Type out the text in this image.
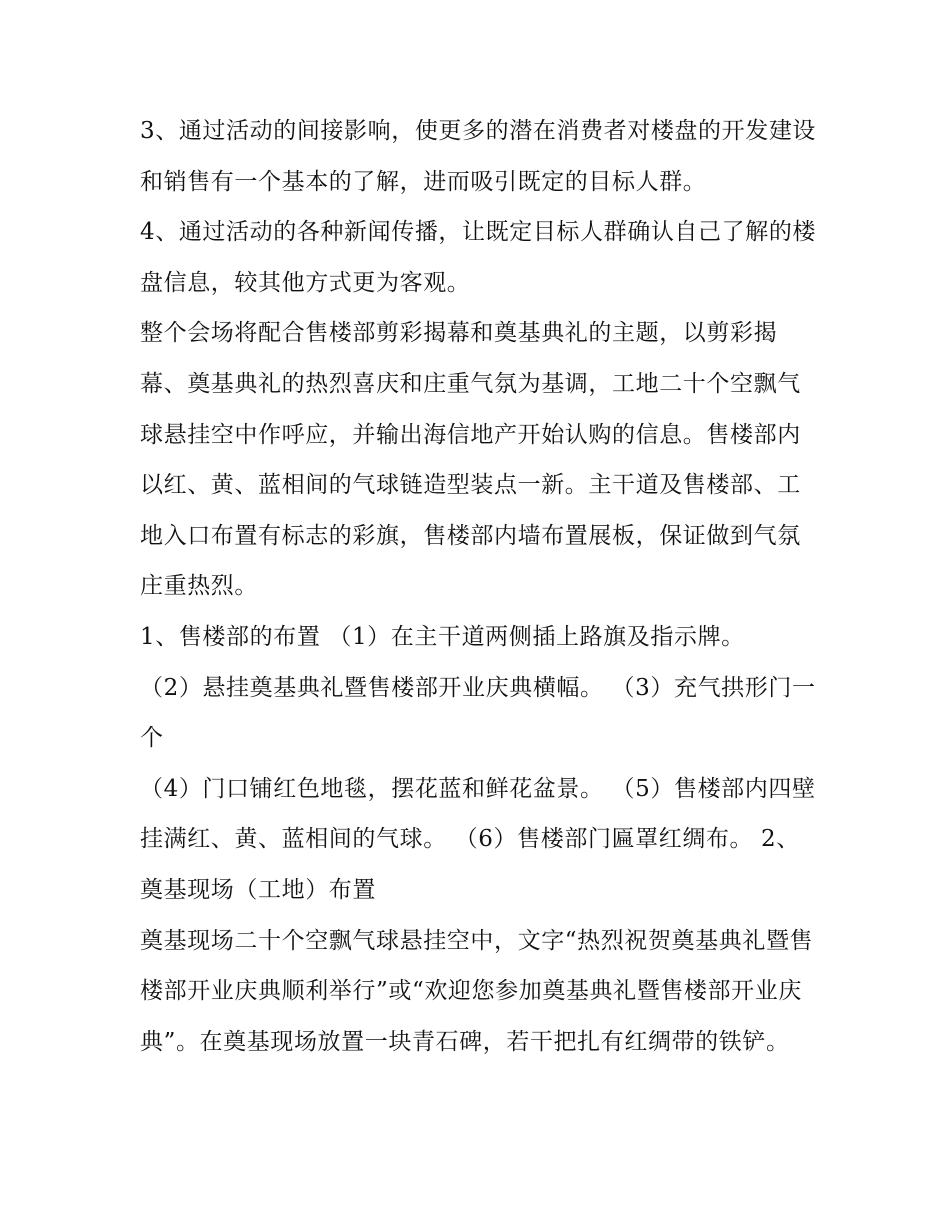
3、通过活动的间接影响，使更多的潜在消费者对楼盘的开发建设和销售有一个基本的了解，进而吸引既定的目标人群。

4、通过活动的各种新闻传播，让既定目标人群确认自己了解的楼盘信息，较其他方式更为客观。

整个会场将配合售楼部剪彩揭幕和奠基典礼的主题，以剪彩揭幕、奠基典礼的热烈喜庆和庄重气氛为基调，工地二十个空飘气球悬挂空中作呼应，并输出海信地产开始认购的信息。售楼部内以红、黄、蓝相间的气球链造型装点一新。主干道及售楼部、工地入口布置有标志的彩旗，售楼部内墙布置展板，保证做到气氛庄重热烈。

1、售楼部的布置 （1）在主干道两侧插上路旗及指示牌。

（2）悬挂奠基典礼暨售楼部开业庆典横幅。 （3）充气拱形门一个

（4）门口铺红色地毯，摆花蓝和鲜花盆景。 （5）售楼部内四壁挂满红、黄、蓝相间的气球。 （6）售楼部门匾罩红绸布。 2、奠基现场（工地）布置

奠基现场二十个空飘气球悬挂空中，文字“热烈祝贺奠基典礼暨售楼部开业庆典顺利举行”或“欢迎您参加奠基典礼暨售楼部开业庆典”。在奠基现场放置一块青石碑，若干把扎有红绸带的铁铲。
